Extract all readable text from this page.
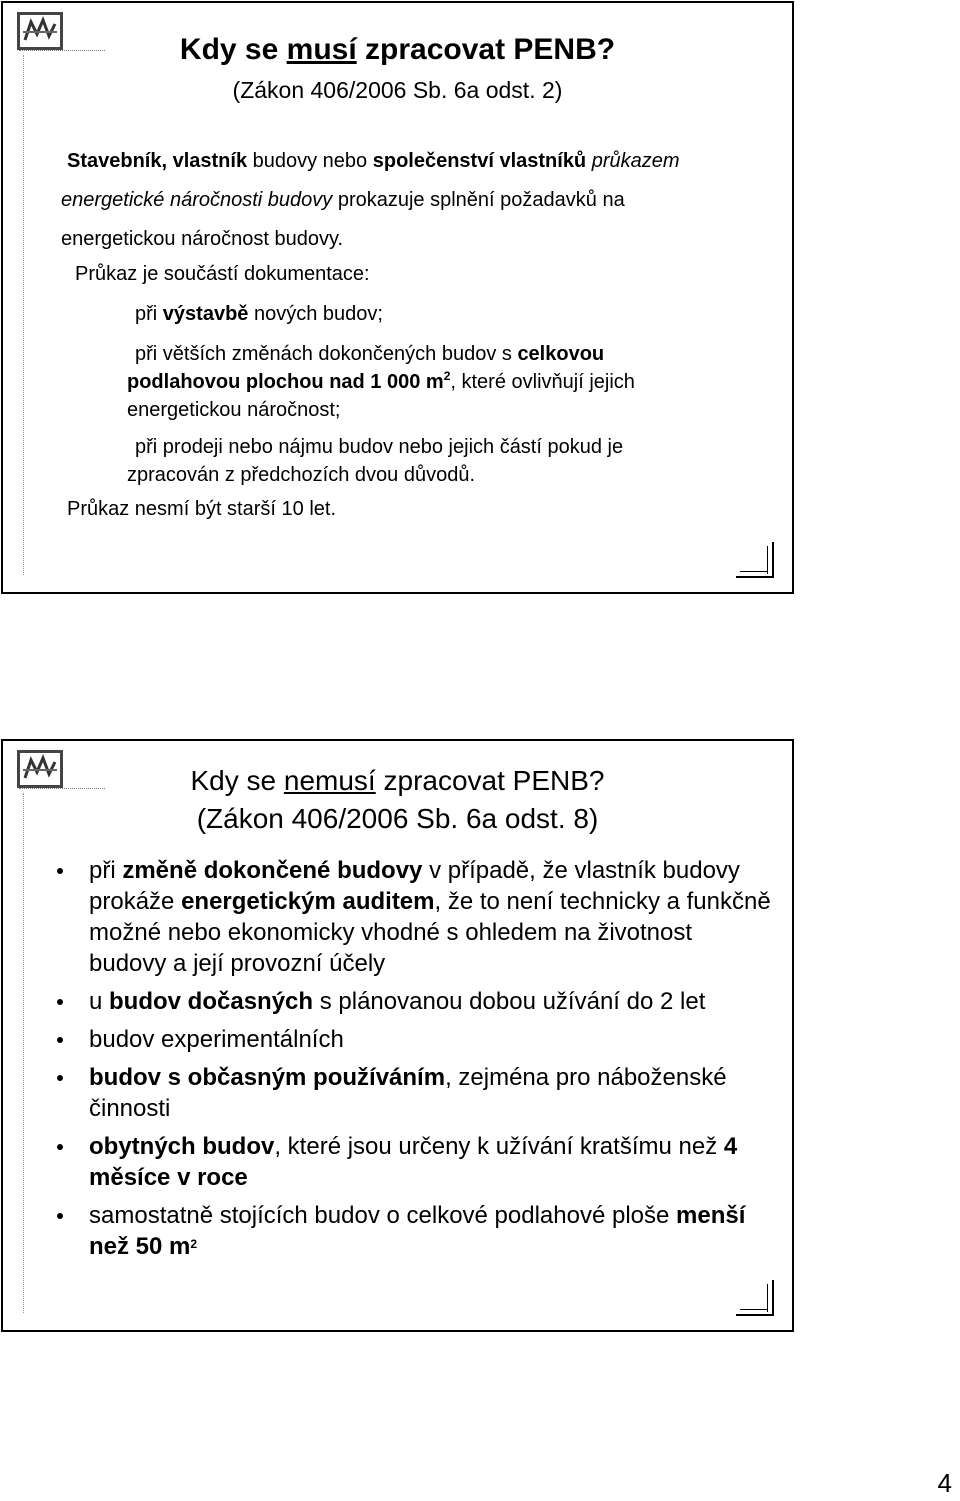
Kdy se musí zpracovat PENB?
(Zákon 406/2006 Sb. 6a odst. 2)
Stavebník, vlastník budovy nebo společenství vlastníků průkazem
energetické náročnosti budovy prokazuje splnění požadavků na
energetickou náročnost budovy.
Průkaz je součástí dokumentace:
při výstavbě nových budov;
při větších změnách dokončených budov s celkovou
podlahovou plochou nad 1 000 $m^2$, které ovlivňují jejich
energetickou náročnost;
při prodeji nebo nájmu budov nebo jejich částí pokud je
zpracován z předchozích dvou důvodů.
Průkaz nesmí být starší 10 let.
Kdy se nemusí zpracovat PENB?
(Zákon 406/2006 Sb. 6a odst. 8)
při změně dokončené budovy v případě, že vlastník budovy prokáže energetickým auditem, že to není technicky a funkčně možné nebo ekonomicky vhodné s ohledem na životnost budovy a její provozní účely
u budov dočasných s plánovanou dobou užívání do 2 let
budov experimentálních
budov s občasným používáním, zejména pro náboženské činnosti
obytných budov, které jsou určeny k užívání kratšímu než 4 měsíce v roce
samostatně stojících budov o celkové podlahové ploše menší než 50 $m^2$
4
